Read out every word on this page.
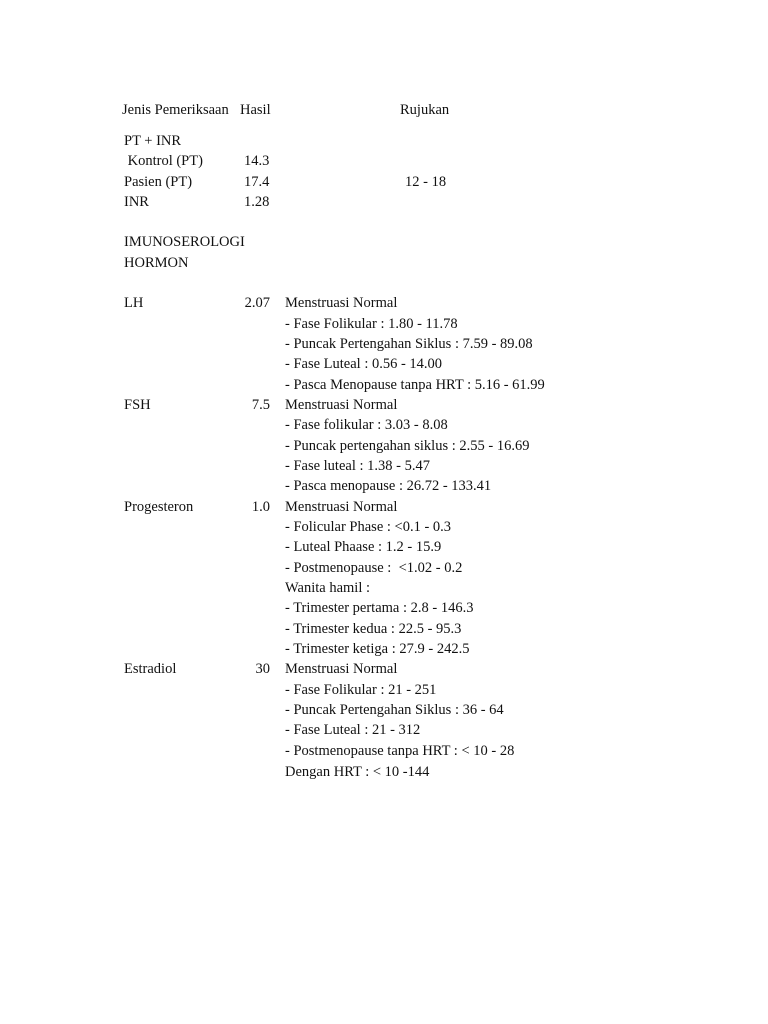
Jenis Pemeriksaan Hasil	Rujukan
PT + INR
Kontrol (PT)	14.3
Pasien (PT)	17.4	12 - 18
INR	1.28
IMUNOSEROLOGI
HORMON
LH	2.07 Menstruasi Normal
- Fase Folikular : 1.80 - 11.78
- Puncak Pertengahan Siklus : 7.59 - 89.08
- Fase Luteal : 0.56 - 14.00
- Pasca Menopause tanpa HRT : 5.16 - 61.99
FSH	7.5 Menstruasi Normal
- Fase folikular : 3.03 - 8.08
- Puncak pertengahan siklus : 2.55 - 16.69
- Fase luteal : 1.38 - 5.47
- Pasca menopause : 26.72 - 133.41
Progesteron	1.0 Menstruasi Normal
- Folicular Phase : <0.1 - 0.3
- Luteal Phaase : 1.2 - 15.9
- Postmenopause :  <1.02 - 0.2
Wanita hamil :
- Trimester pertama : 2.8 - 146.3
- Trimester kedua : 22.5 - 95.3
- Trimester ketiga : 27.9 - 242.5
Estradiol	30 Menstruasi Normal
- Fase Folikular : 21 - 251
- Puncak Pertengahan Siklus : 36 - 64
- Fase Luteal : 21 - 312
- Postmenopause tanpa HRT : < 10 - 28
Dengan HRT : < 10 -144
